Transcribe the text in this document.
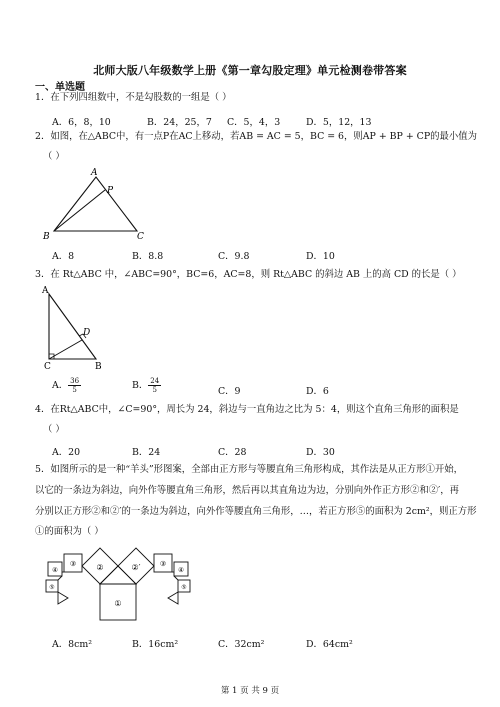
北师大版八年级数学上册《第一章勾股定理》单元检测卷带答案
一、单选题
1．在下列四组数中，不是勾股数的一组是（ ）
A．6，8，10	B．24，25，7 C．5，4，3	D．5，12，13
2．如图，在△ABC中，有一点P在AC上移动，若AB = AC = 5，BC = 6，则AP + BP + CP的最小值为
（ ）
A
P
B	C
A．8	B．8.8	C．9.8	D．10
3．在 Rt△ABC 中，∠ABC=90°，BC=6，AC=8，则 Rt△ABC 的斜边 AB 上的高 CD 的长是（ ）
A
D
C	B
A． $\frac{36}{5}$	B． $\frac{24}{5}$	C．9	D．6
4．在Rt△ABC中，∠C=90°，周长为 24，斜边与一直角边之比为 5：4，则这个直角三角形的面积是
（ ）
A．20	B．24	C．28	D．30
5．如图所示的是一种“羊头”形图案，全部由正方形与等腰直角三角形构成，其作法是从正方形①开始，
以它的一条边为斜边，向外作等腰直角三角形，然后再以其直角边为边，分别向外作正方形②和②′，再
分别以正方形②和②′的一条边为斜边，向外作等腰直角三角形，…，若正方形⑤的面积为 2cm²，则正方形
①的面积为（ ）
①
②	②′
③	③
④	④
⑤	⑤
A．8cm²	B．16cm²	C．32cm²	D．64cm²
第 1 页 共 9 页
